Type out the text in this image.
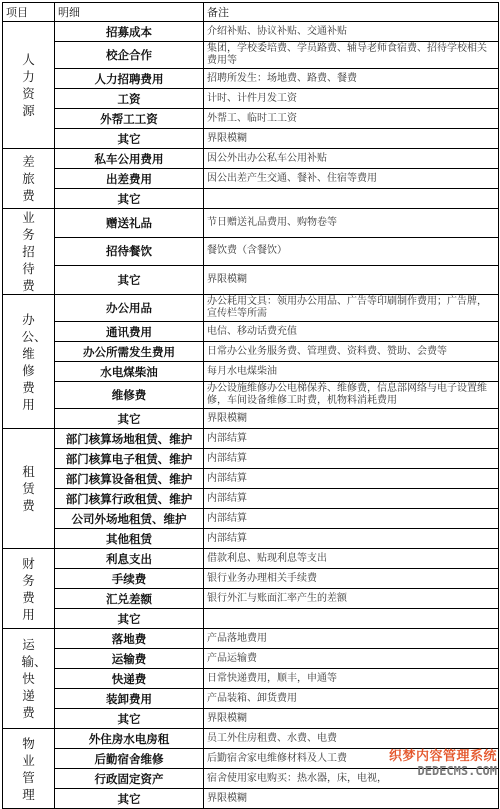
项目	明细	备注
人力资源	招募成本	介绍补贴、协议补贴、交通补贴
	校企合作	集团，学校委培费、学员路费、辅导老师食宿费、招待学校相关费用等
	人力招聘费用	招聘所发生：场地费、路费、餐费
	工资	计时、计件月发工资
	外帮工工资	外帮工、临时工工资
	其它	界限模糊
差旅费	私车公用费用	因公外出办公私车公用补贴
	出差费用	因公出差产生交通、餐补、住宿等费用
	其它	
业务招待费	赠送礼品	节日赠送礼品费用、购物卷等
	招待餐饮	餐饮费（含餐饮）
	其它	界限模糊
办公、维修费用	办公用品	办公耗用文具：领用办公用品、广告等印刷制作费用；广告牌，宣传栏等所需
	通讯费用	电信、移动话费充值
	办公所需发生费用	日常办公业务服务费、管理费、资料费、赞助、会费等
	水电煤柴油	每月水电煤柴油
	维修费	办公设施维修办公电梯保养、维修费，信息部网络与电子设置维修，车间设备维修工时费，机物料消耗费用
	其它	界限模糊
租赁费	部门核算场地租赁、维护	内部结算
	部门核算电子租赁、维护	内部结算
	部门核算设备租赁、维护	内部结算
	部门核算行政租赁、维护	内部结算
	公司外场地租赁、维护	内部结算
	其他租赁	内部结算
财务费用	利息支出	借款利息、贴现利息等支出
	手续费	银行业务办理相关手续费
	汇兑差额	银行外汇与账面汇率产生的差额
	其它	
运输、快递费	落地费	产品落地费用
	运输费	产品运输费
	快递费	日常快递费用，顺丰，申通等
	装卸费用	产品装箱、卸货费用
	其它	界限模糊
物业管理	外住房水电房租	员工外住房租费、水费、电费
	后勤宿舍维修	后勤宿舍家电维修材料及人工费
	行政固定资产	宿舍使用家电购买：热水器，床，电视，
	其它	界限模糊
织梦内容管理系统
DEDECMS.COM
